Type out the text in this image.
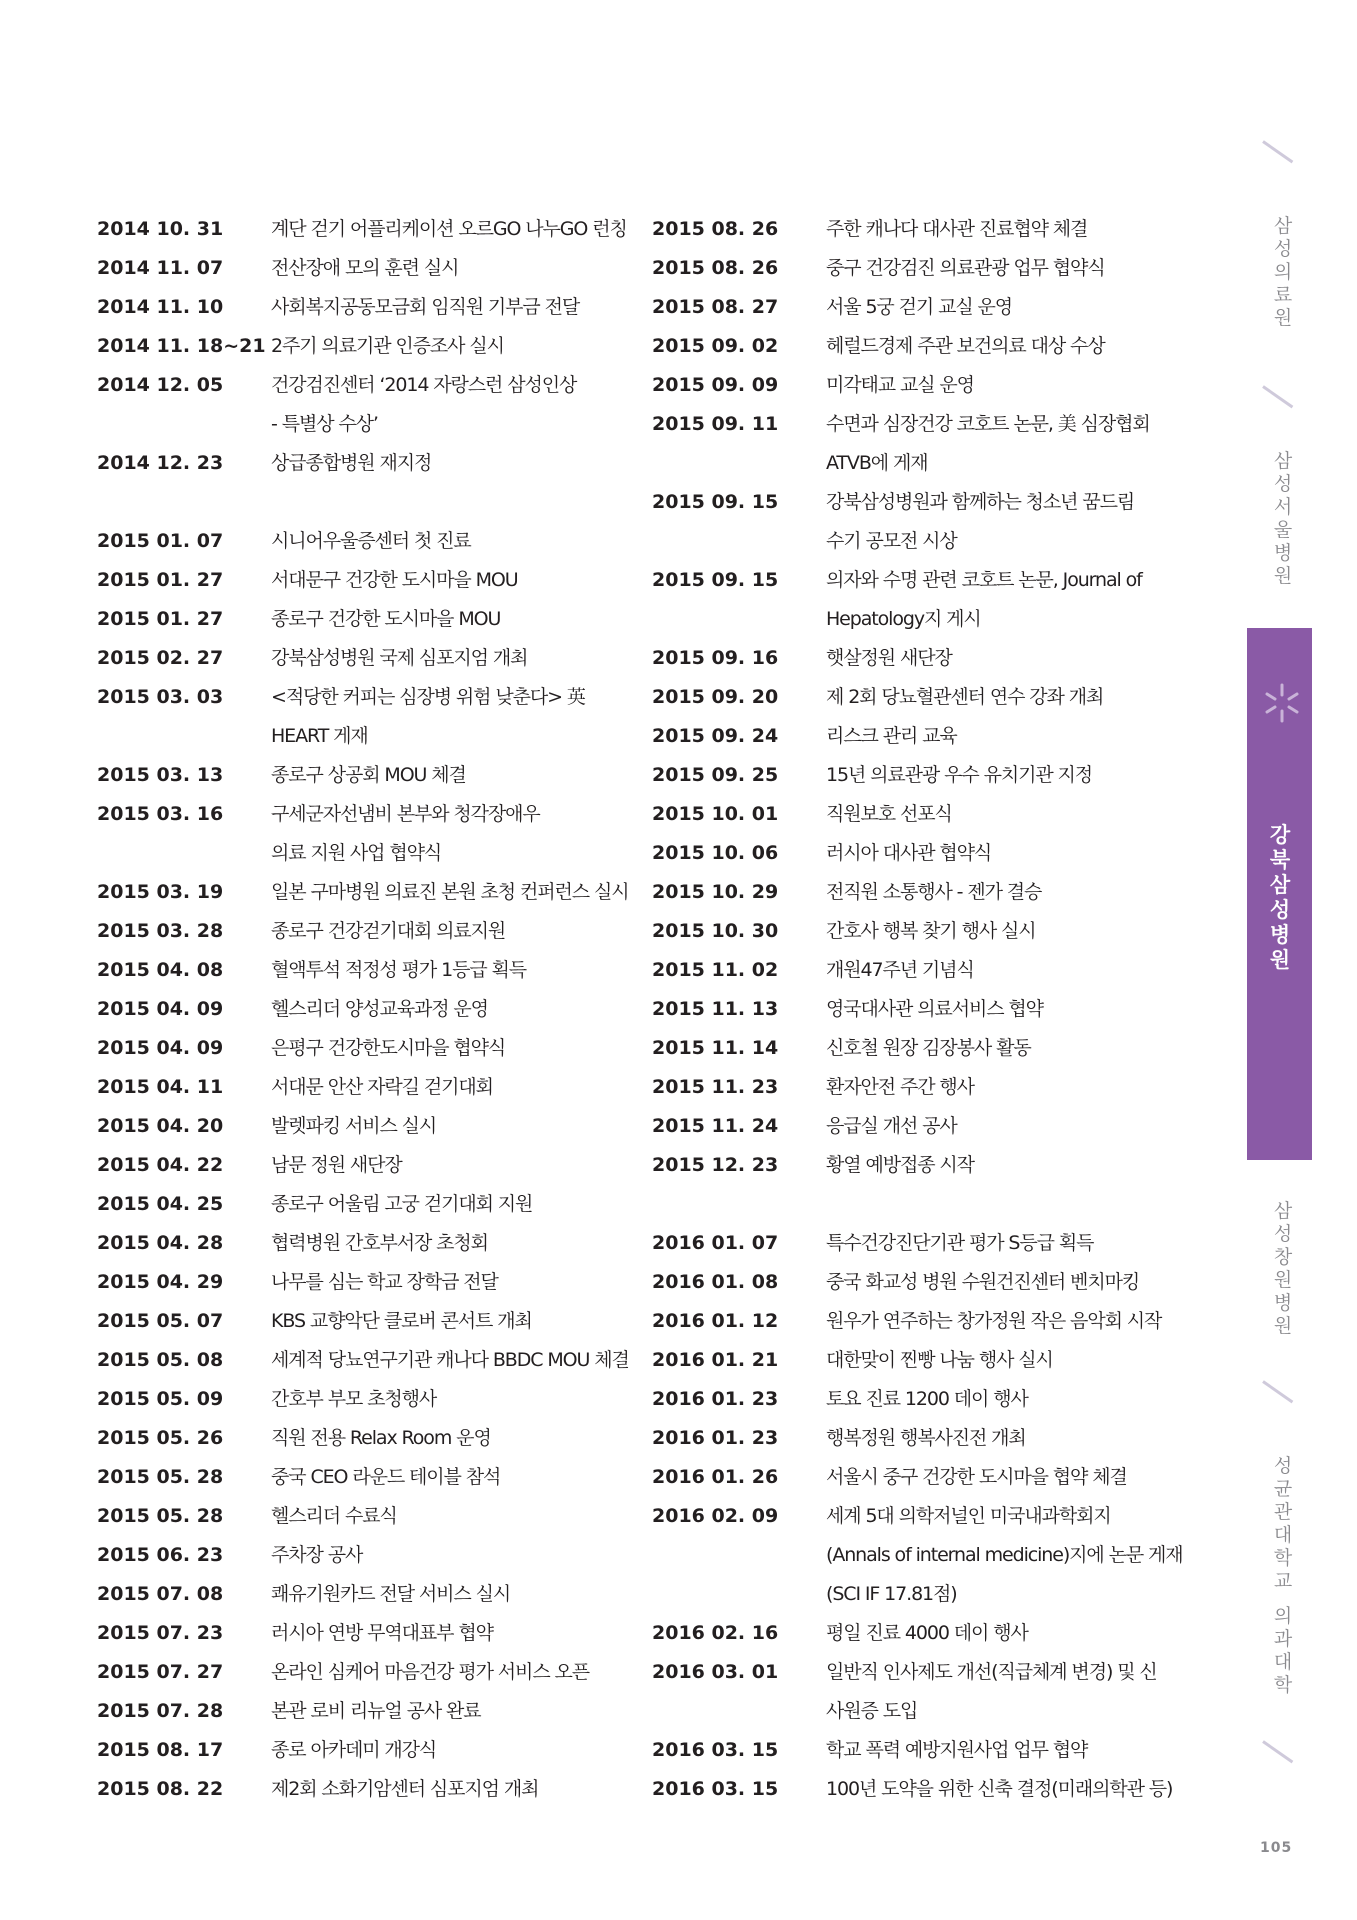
2014 10. 31	계단 걷기 어플리케이션 오르GO 나누GO 런칭
2014 11. 07	전산장애 모의 훈련 실시
2014 11. 10	사회복지공동모금회 임직원 기부금 전달
2014 11. 18~21 2주기 의료기관 인증조사 실시
2014 12. 05	건강검진센터 ‘2014 자랑스런 삼성인상
- 특별상 수상’
2014 12. 23	상급종합병원 재지정
2015 01. 07	시니어우울증센터 첫 진료
2015 01. 27	서대문구 건강한 도시마을 MOU
2015 01. 27	종로구 건강한 도시마을 MOU
2015 02. 27	강북삼성병원 국제 심포지엄 개최
2015 03. 03	<적당한 커피는 심장병 위험 낮춘다> 英
HEART 게재
2015 03. 13	종로구 상공회 MOU 체결
2015 03. 16	구세군자선냄비 본부와 청각장애우
의료 지원 사업 협약식
2015 03. 19	일본 구마병원 의료진 본원 초청 컨퍼런스 실시
2015 03. 28	종로구 건강걷기대회 의료지원
2015 04. 08	혈액투석 적정성 평가 1등급 획득
2015 04. 09	헬스리더 양성교육과정 운영
2015 04. 09	은평구 건강한도시마을 협약식
2015 04. 11	서대문 안산 자락길 걷기대회
2015 04. 20	발렛파킹 서비스 실시
2015 04. 22	남문 정원 새단장
2015 04. 25	종로구 어울림 고궁 걷기대회 지원
2015 04. 28	협력병원 간호부서장 초청회
2015 04. 29	나무를 심는 학교 장학금 전달
2015 05. 07	KBS 교향악단 클로버 콘서트 개최
2015 05. 08	세계적 당뇨연구기관 캐나다 BBDC MOU 체결
2015 05. 09	간호부 부모 초청행사
2015 05. 26	직원 전용 Relax Room 운영
2015 05. 28	중국 CEO 라운드 테이블 참석
2015 05. 28	헬스리더 수료식
2015 06. 23	주차장 공사
2015 07. 08	쾌유기원카드 전달 서비스 실시
2015 07. 23	러시아 연방 무역대표부 협약
2015 07. 27	온라인 심케어 마음건강 평가 서비스 오픈
2015 07. 28	본관 로비 리뉴얼 공사 완료
2015 08. 17	종로 아카데미 개강식
2015 08. 22	제2회 소화기암센터 심포지엄 개최
2015 08. 26	주한 캐나다 대사관 진료협약 체결
2015 08. 26	중구 건강검진 의료관광 업무 협약식
2015 08. 27	서울 5궁 걷기 교실 운영
2015 09. 02	헤럴드경제 주관 보건의료 대상 수상
2015 09. 09	미각태교 교실 운영
2015 09. 11	수면과 심장건강 코호트 논문, 美 심장협회
ATVB에 게재
2015 09. 15	강북삼성병원과 함께하는 청소년 꿈드림
수기 공모전 시상
2015 09. 15	의자와 수명 관련 코호트 논문, Journal of
Hepatology지 게시
2015 09. 16	햇살정원 새단장
2015 09. 20	제 2회 당뇨혈관센터 연수 강좌 개최
2015 09. 24	리스크 관리 교육
2015 09. 25	15년 의료관광 우수 유치기관 지정
2015 10. 01	직원보호 선포식
2015 10. 06	러시아 대사관 협약식
2015 10. 29	전직원 소통행사 - 젠가 결승
2015 10. 30	간호사 행복 찾기 행사 실시
2015 11. 02	개원47주년 기념식
2015 11. 13	영국대사관 의료서비스 협약
2015 11. 14	신호철 원장 김장봉사 활동
2015 11. 23	환자안전 주간 행사
2015 11. 24	응급실 개선 공사
2015 12. 23	황열 예방접종 시작
2016 01. 07	특수건강진단기관 평가 S등급 획득
2016 01. 08	중국 화교성 병원 수원건진센터 벤치마킹
2016 01. 12	원우가 연주하는 창가정원 작은 음악회 시작
2016 01. 21	대한맞이 찐빵 나눔 행사 실시
2016 01. 23	토요 진료 1200 데이 행사
2016 01. 23	행복정원 행복사진전 개최
2016 01. 26	서울시 중구 건강한 도시마을 협약 체결
2016 02. 09	세계 5대 의학저널인 미국내과학회지
(Annals of internal medicine)지에 논문 게재
(SCI IF 17.81점)
2016 02. 16	평일 진료 4000 데이 행사
2016 03. 01	일반직 인사제도 개선(직급체계 변경) 및 신
사원증 도입
2016 03. 15	학교 폭력 예방지원사업 업무 협약
2016 03. 15	100년 도약을 위한 신축 결정(미래의학관 등)
삼
성
의
료
원
삼
성
서
울
병
원
강
북
삼
성
병
원
삼
성
창
원
병
원
성
균
관
대
학
교

의
과
대
학
105
